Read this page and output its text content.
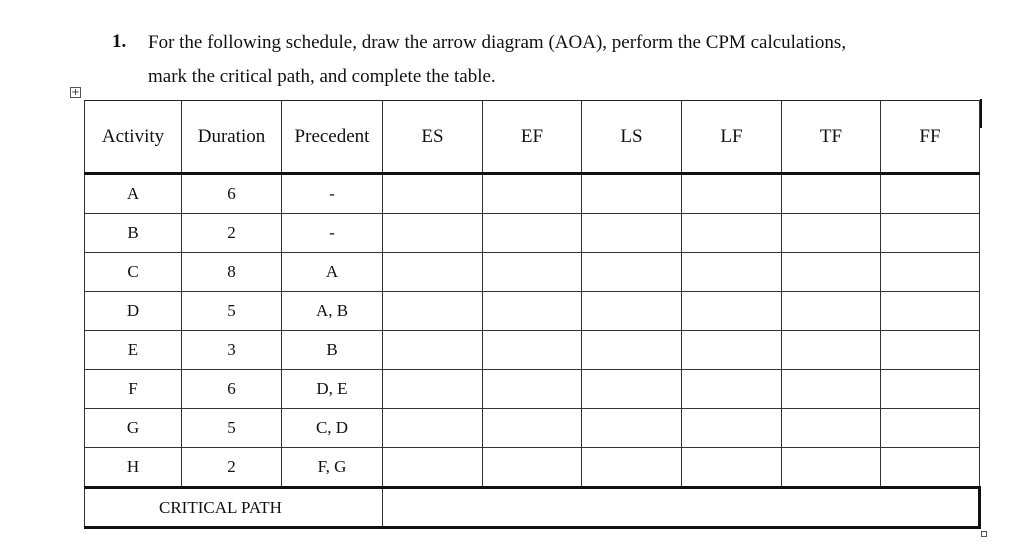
1. For the following schedule, draw the arrow diagram (AOA), perform the CPM calculations,
mark the critical path, and complete the table.
+
Activity	Duration	Precedent	ES	EF	LS	LF	TF	FF
A	6	-						
B	2	-						
C	8	A						
D	5	A, B						
E	3	B						
F	6	D, E						
G	5	C, D						
H	2	F, G						
CRITICAL PATH								
